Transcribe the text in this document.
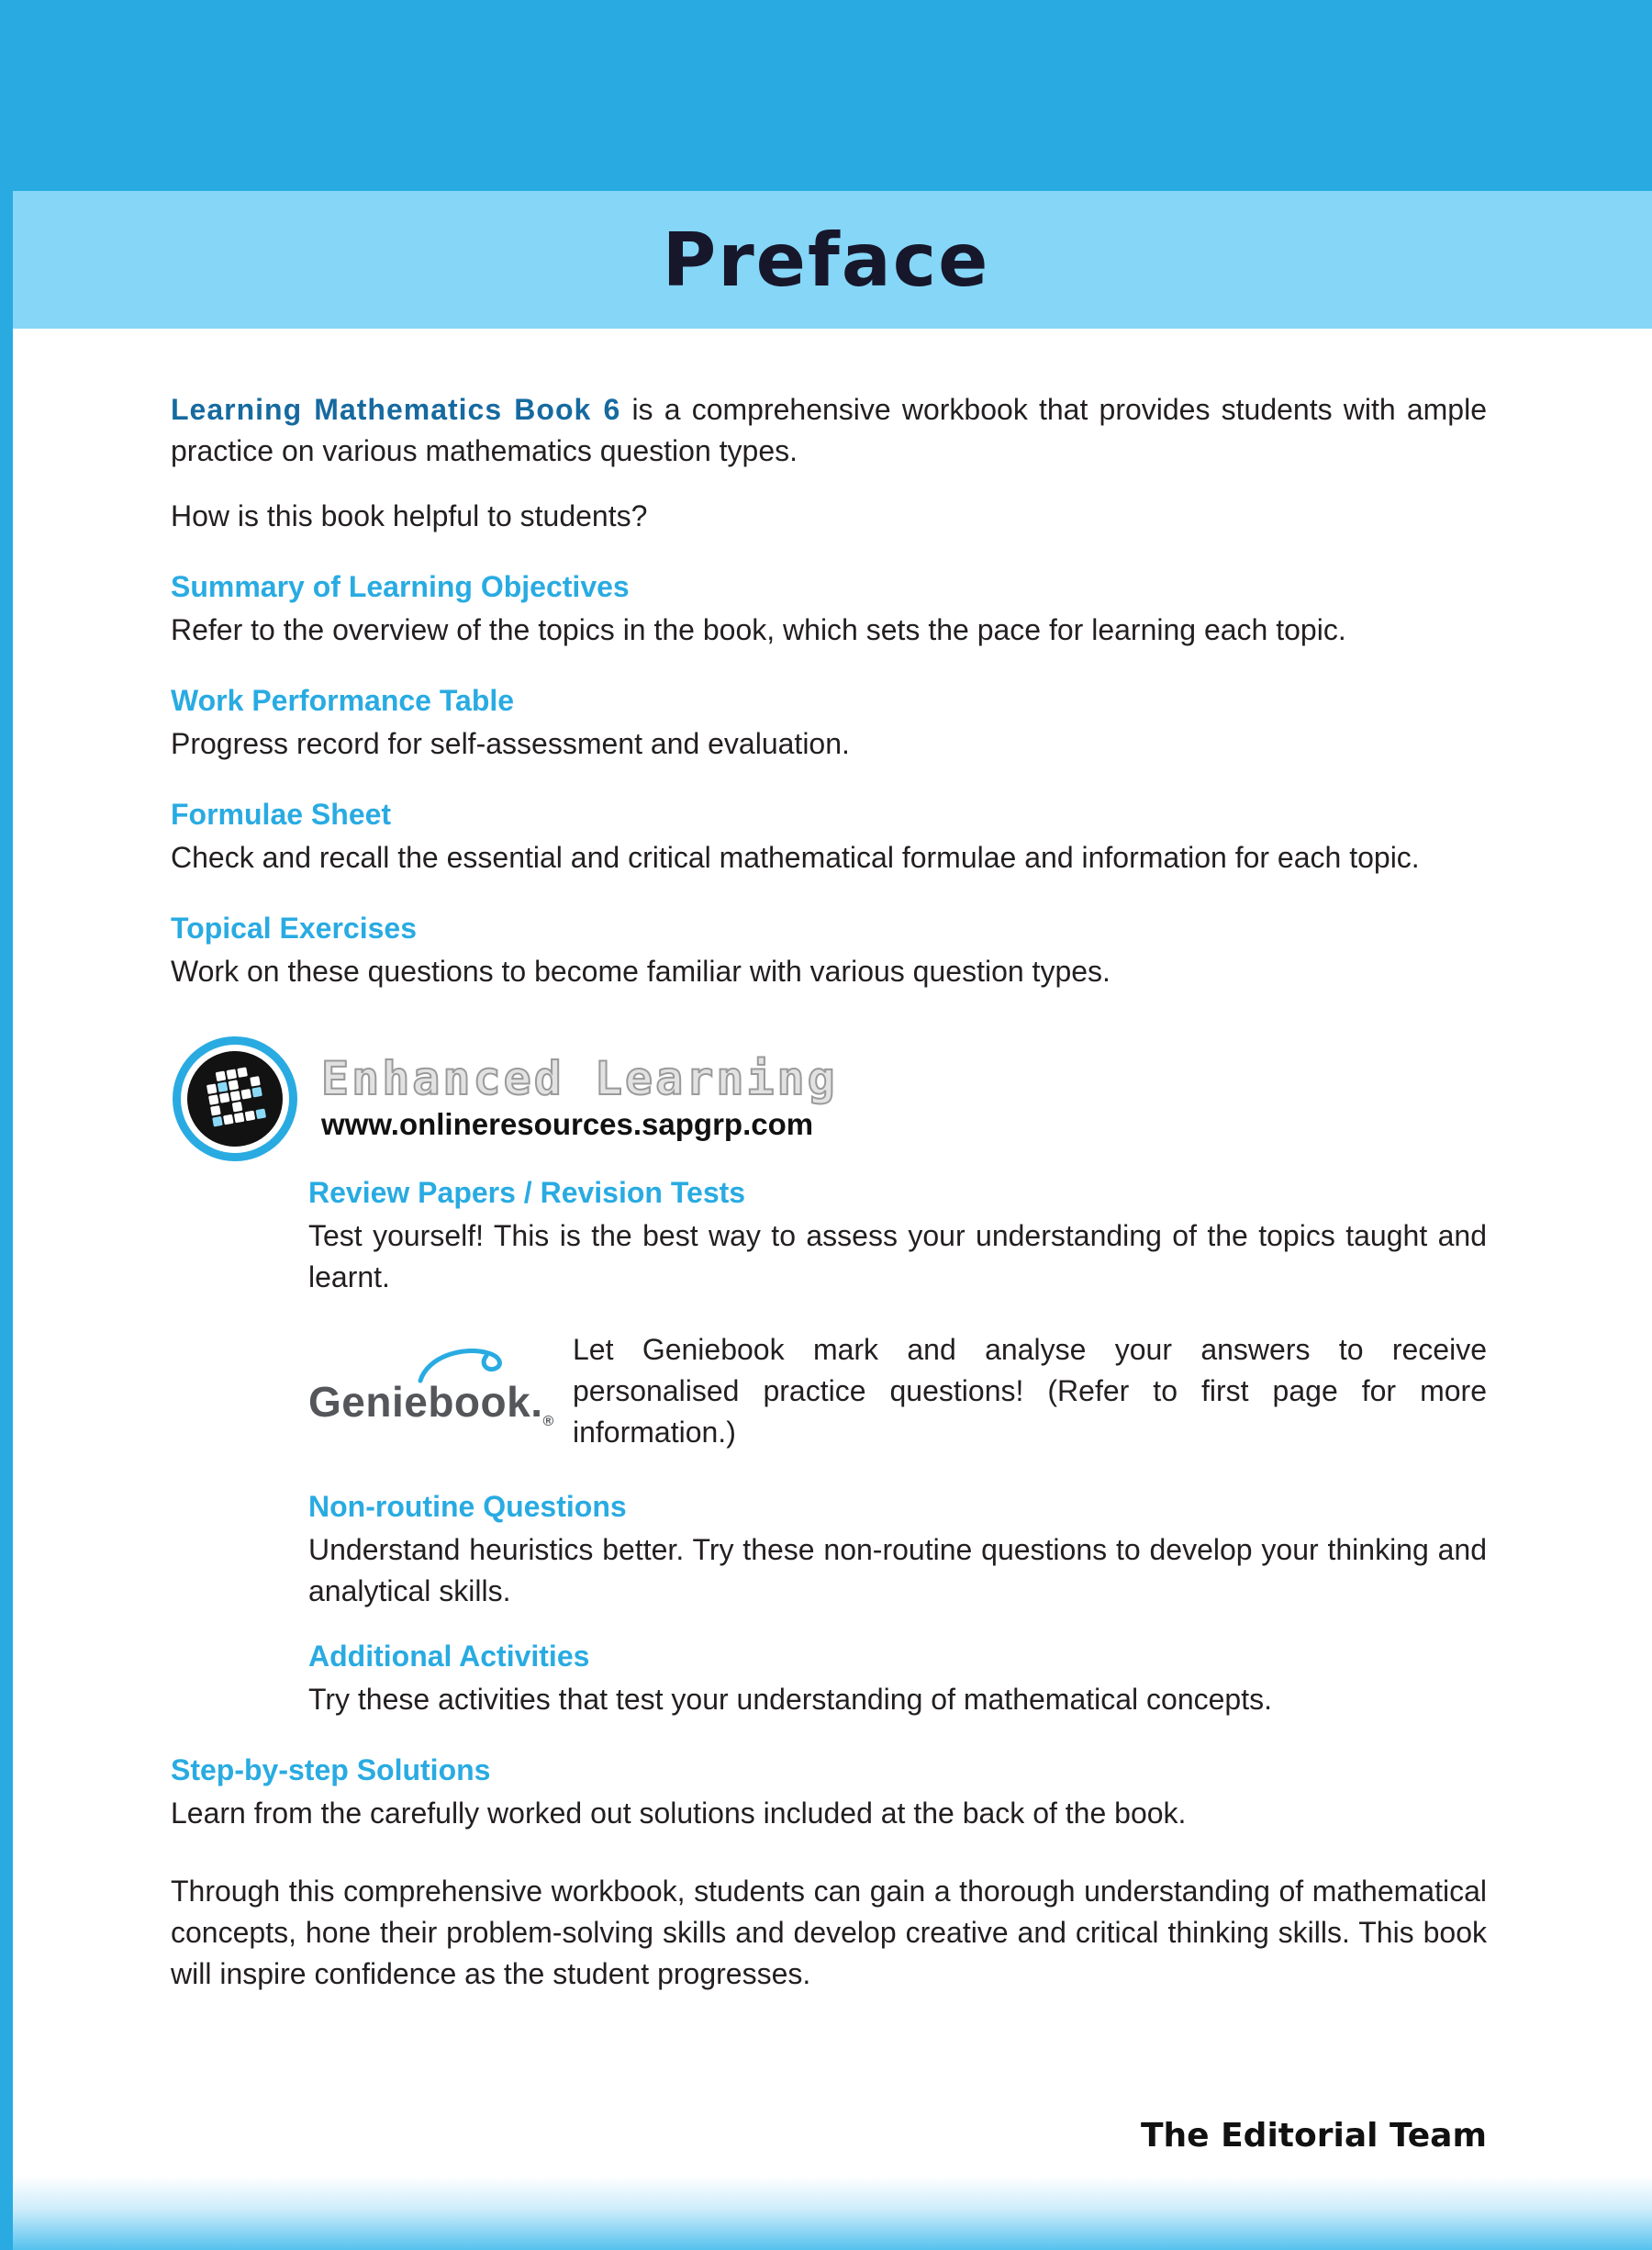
Preface

Learning Mathematics Book 6 is a comprehensive workbook that provides students with ample practice on various mathematics question types.

How is this book helpful to students?

Summary of Learning Objectives

Refer to the overview of the topics in the book, which sets the pace for learning each topic.

Work Performance Table

Progress record for self-assessment and evaluation.

Formulae Sheet

Check and recall the essential and critical mathematical formulae and information for each topic.

Topical Exercises

Work on these questions to become familiar with various question types.

Enhanced Learning
www.onlineresources.sapgrp.com
Review Papers / Revision Tests

Test yourself! This is the best way to assess your understanding of the topics taught and learnt.

$Geniebook._®$

Let Geniebook mark and analyse your answers to receive personalised practice questions! (Refer to first page for more information.)

Non-routine Questions

Understand heuristics better. Try these non-routine questions to develop your thinking and analytical skills.

Additional Activities

Try these activities that test your understanding of mathematical concepts.

Step-by-step Solutions

Learn from the carefully worked out solutions included at the back of the book.

Through this comprehensive workbook, students can gain a thorough understanding of mathematical concepts, hone their problem-solving skills and develop creative and critical thinking skills. This book will inspire confidence as the student progresses.

The Editorial Team
